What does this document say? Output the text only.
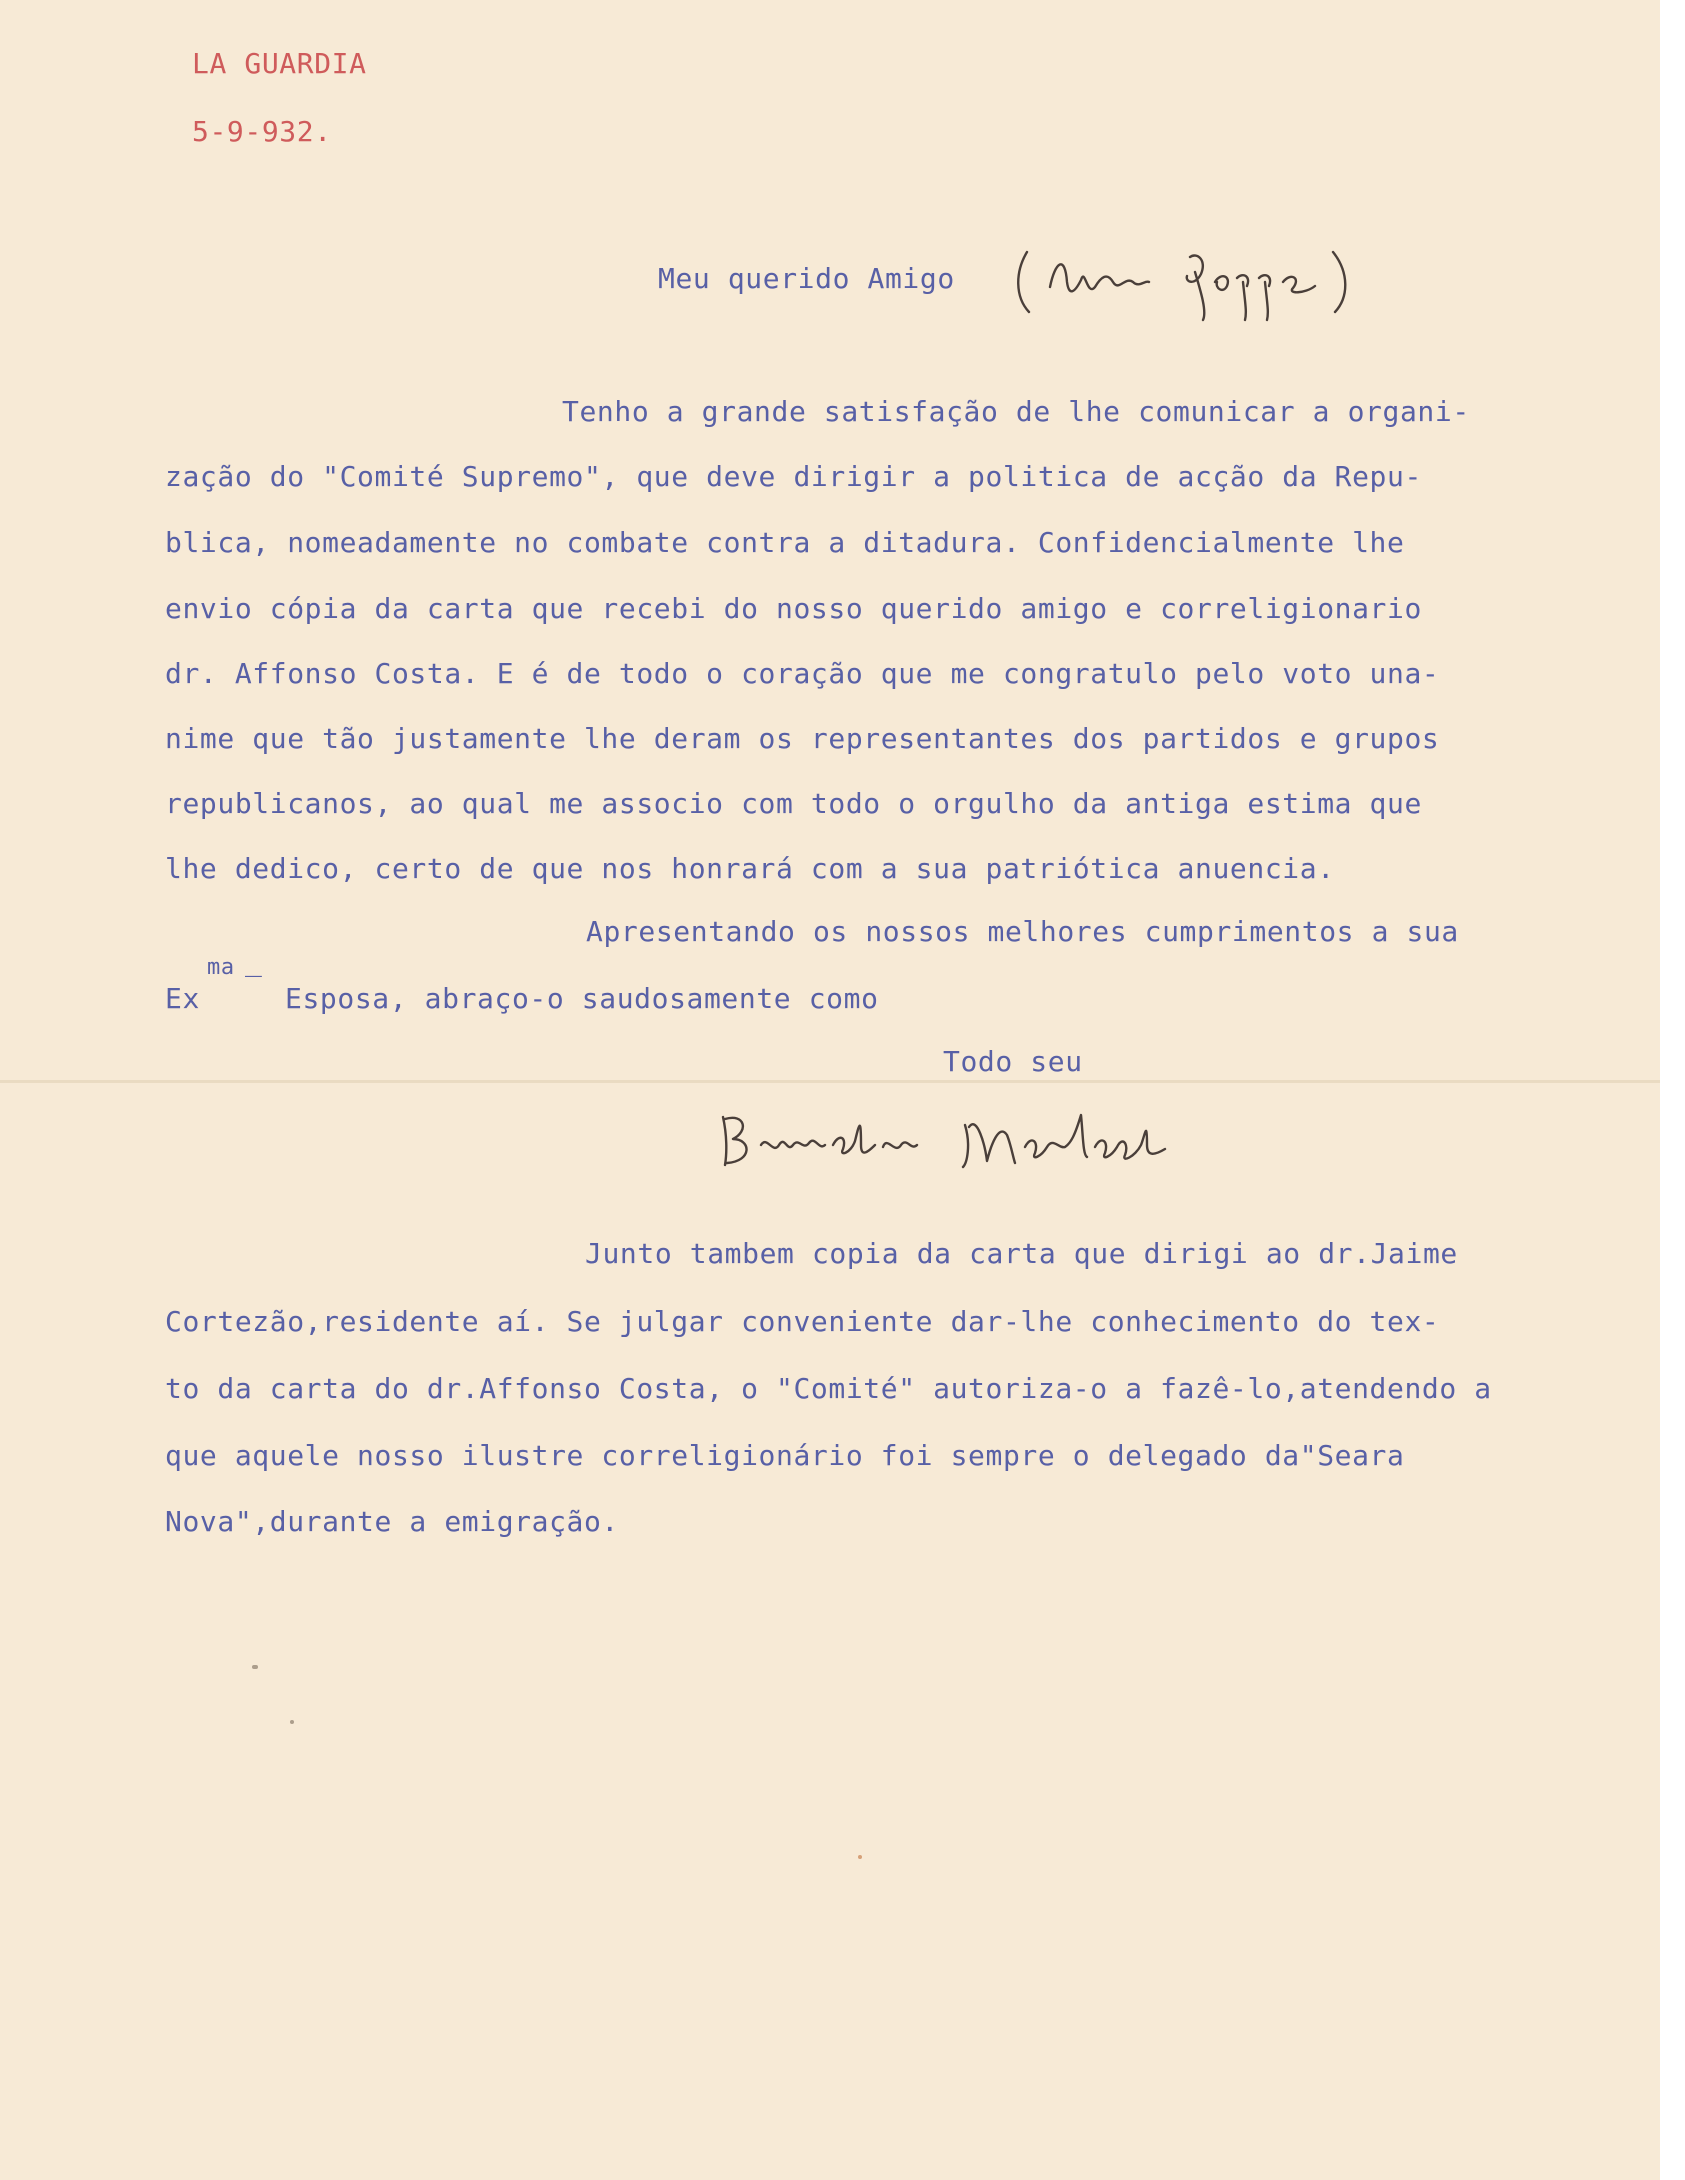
LA GUARDIA
5-9-932.
Meu querido Amigo
Tenho a grande satisfação de lhe comunicar a organi-
zação do "Comité Supremo", que deve dirigir a politica de acção da Repu-
blica, nomeadamente no combate contra a ditadura. Confidencialmente lhe
envio cópia da carta que recebi do nosso querido amigo e correligionario
dr. Affonso Costa. E é de todo o coração que me congratulo pelo voto una-
nime que tão justamente lhe deram os representantes dos partidos e grupos
republicanos, ao qual me associo com todo o orgulho da antiga estima que
lhe dedico, certo de que nos honrará com a sua patriótica anuencia.
Apresentando os nossos melhores cumprimentos a sua
ma
Ex ‾ Esposa, abraço-o saudosamente como
Todo seu
Junto tambem copia da carta que dirigi ao dr.Jaime
Cortezão,residente aí. Se julgar conveniente dar-lhe conhecimento do tex-
to da carta do dr.Affonso Costa, o "Comité" autoriza-o a fazê-lo,atendendo a
que aquele nosso ilustre correligionário foi sempre o delegado da"Seara
Nova",durante a emigração.
